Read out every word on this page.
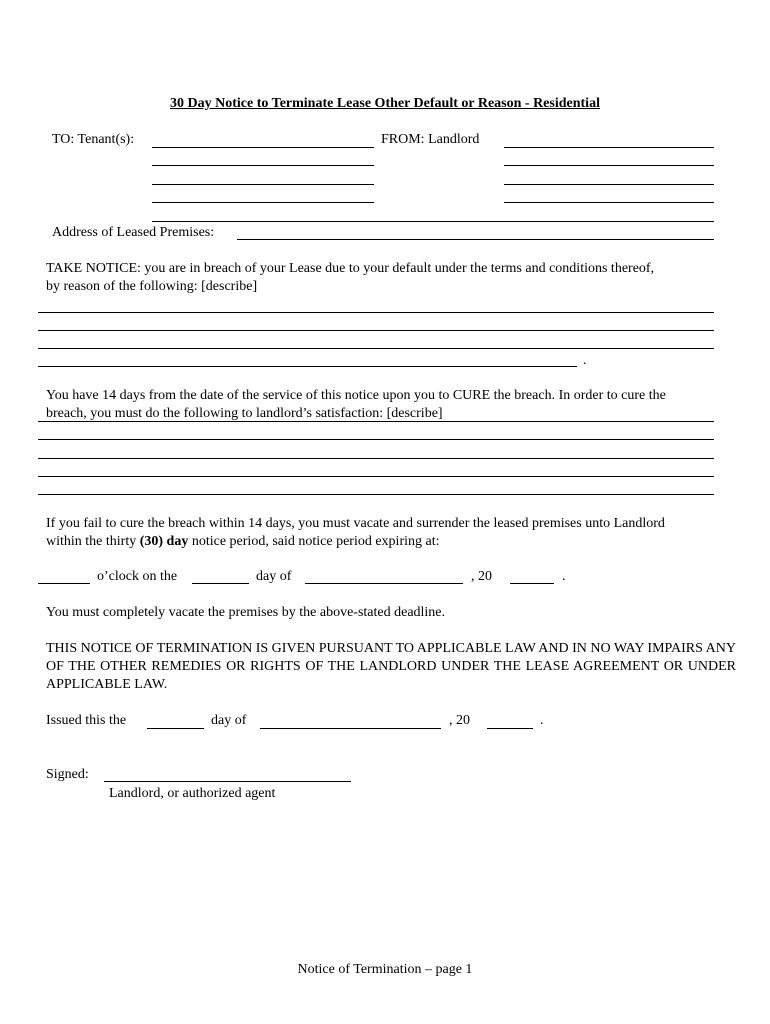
30 Day Notice to Terminate Lease Other Default or Reason - Residential
TO: Tenant(s):	FROM: Landlord
Address of Leased Premises:
TAKE NOTICE: you are in breach of your Lease due to your default under the terms and conditions thereof,
by reason of the following: [describe]
.
You have 14 days from the date of the service of this notice upon you to CURE the breach. In order to cure the
breach, you must do the following to landlord’s satisfaction: [describe]
If you fail to cure the breach within 14 days, you must vacate and surrender the leased premises unto Landlord
within the thirty (30) day notice period, said notice period expiring at:
o’clock on the	day of	, 20	.
You must completely vacate the premises by the above-stated deadline.
THIS NOTICE OF TERMINATION IS GIVEN PURSUANT TO APPLICABLE LAW AND IN NO WAY IMPAIRS ANY OF THE OTHER REMEDIES OR RIGHTS OF THE LANDLORD UNDER THE LEASE AGREEMENT OR UNDER APPLICABLE LAW.
Issued this the	day of	, 20	.
Signed:
Landlord, or authorized agent
Notice of Termination – page 1
